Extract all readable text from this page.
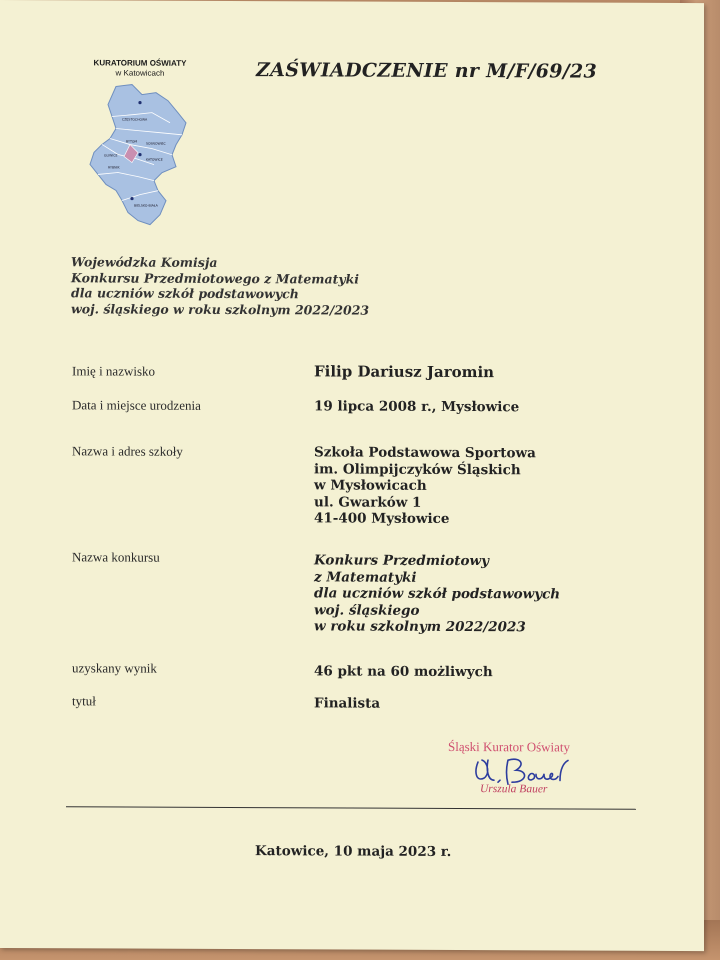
KURATORIUM OŚWIATY
w Katowicach
CZĘSTOCHOWA
BYTOM
SOSNOWIEC
GLIWICE
KATOWICE
RYBNIK
BIELSKO-BIAŁA
ZAŚWIADCZENIE nr M/F/69/23
Wojewódzka Komisja
Konkursu Przedmiotowego z Matematyki
dla uczniów szkół podstawowych
woj. śląskiego w roku szkolnym 2022/2023
Imię i nazwisko	Filip Dariusz Jaromin
Data i miejsce urodzenia	19 lipca 2008 r., Mysłowice
Nazwa i adres szkoły	Szkoła Podstawowa Sportowa
im. Olimpijczyków Śląskich
w Mysłowicach
ul. Gwarków 1
41-400 Mysłowice
Nazwa konkursu	Konkurs Przedmiotowy
z Matematyki
dla uczniów szkół podstawowych
woj. śląskiego
w roku szkolnym 2022/2023
uzyskany wynik	46 pkt na 60 możliwych
tytuł	Finalista
Śląski Kurator Oświaty
Urszula Bauer
Katowice, 10 maja 2023 r.
